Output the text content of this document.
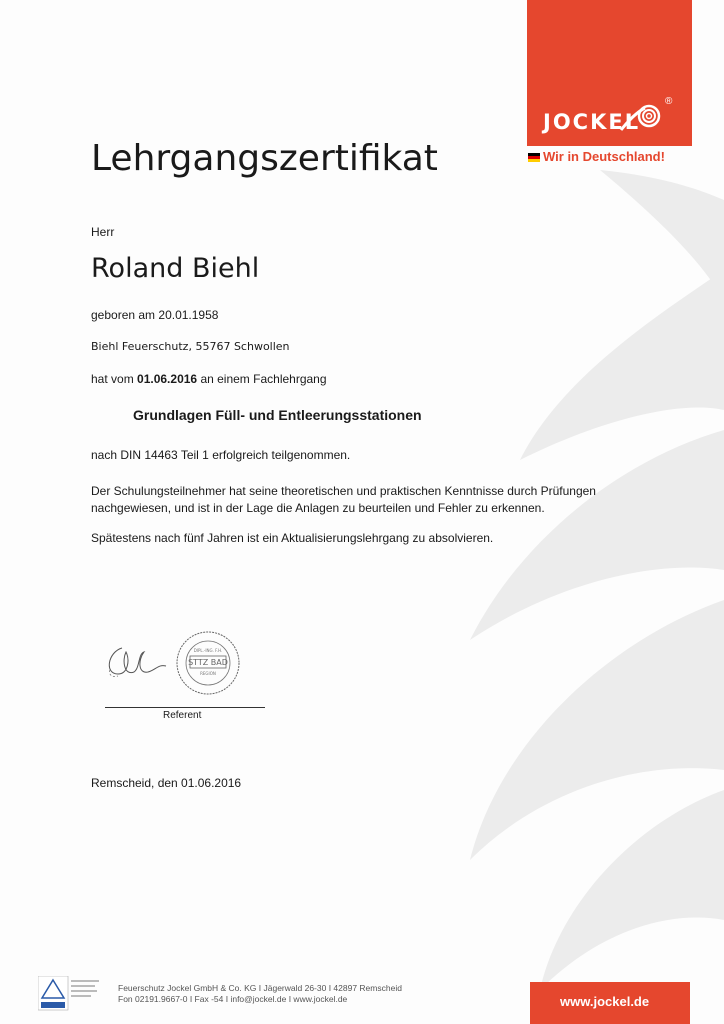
JOCKEL
®
Wir in Deutschland!
Lehrgangszertifikat
Herr
Roland Biehl
geboren am 20.01.1958
Biehl Feuerschutz, 55767 Schwollen
hat vom 01.06.2016 an einem Fachlehrgang
Grundlagen Füll- und Entleerungsstationen
nach DIN 14463 Teil 1 erfolgreich teilgenommen.
Der Schulungsteilnehmer hat seine theoretischen und praktischen Kenntnisse durch Prüfungen nachgewiesen, und ist in der Lage die Anlagen zu beurteilen und Fehler zu erkennen.
Spätestens nach fünf Jahren ist ein Aktualisierungslehrgang zu absolvieren.
STTZ BAD
DIPL.-ING. F.H.
REGION
Referent
Remscheid, den 01.06.2016
Feuerschutz Jockel GmbH & Co. KG I Jägerwald 26-30 I 42897 Remscheid
Fon 02191.9667-0 I Fax -54 I info@jockel.de I www.jockel.de	www.jockel.de
